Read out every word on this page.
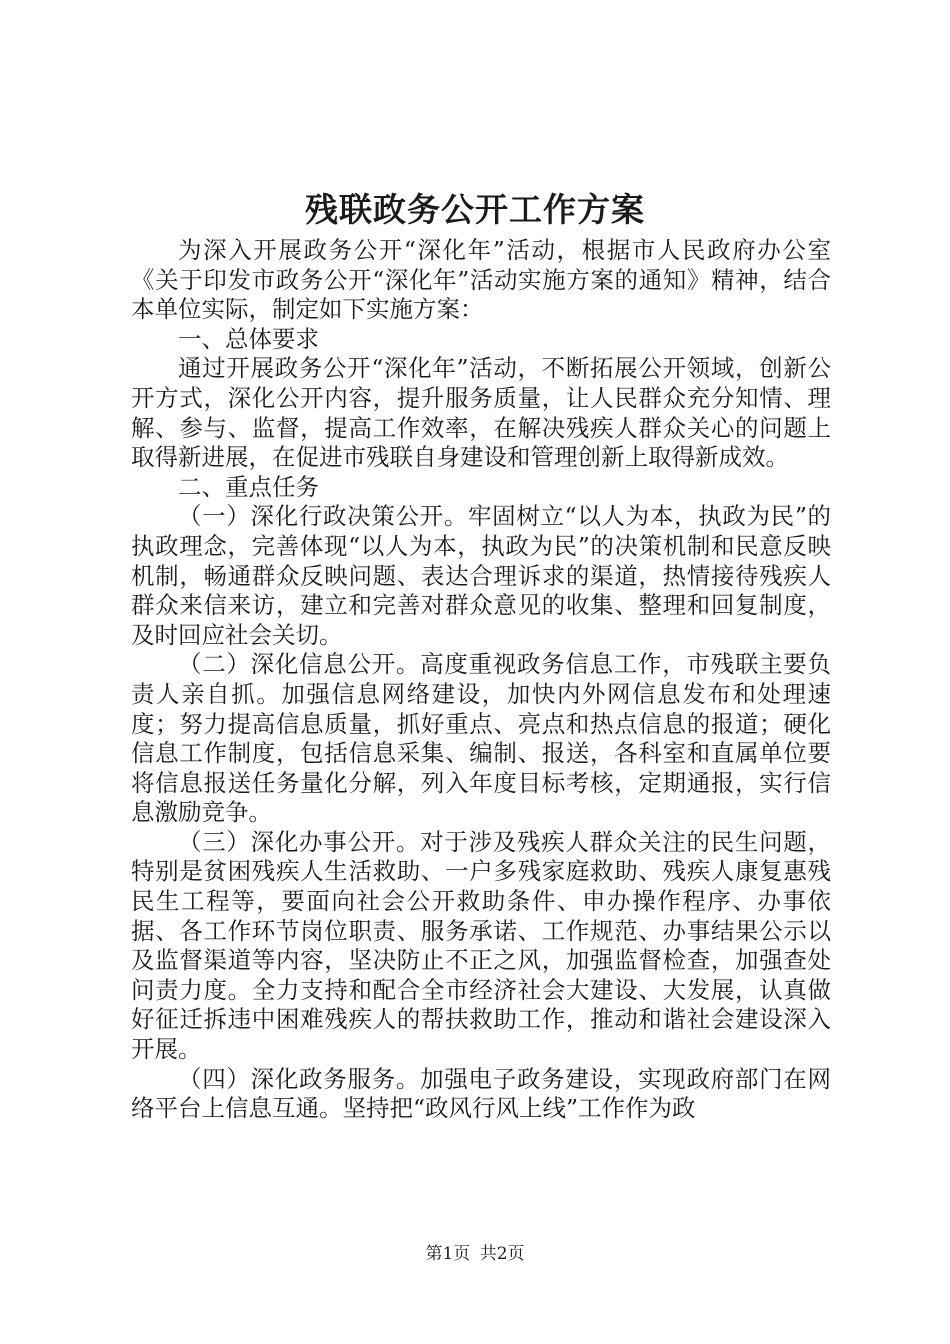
残联政务公开工作方案

为深入开展政务公开“深化年”活动，根据市人民政府办公室《关于印发市政务公开“深化年”活动实施方案的通知》精神，结合本单位实际，制定如下实施方案：

一、总体要求

通过开展政务公开“深化年”活动，不断拓展公开领域，创新公开方式，深化公开内容，提升服务质量，让人民群众充分知情、理解、参与、监督，提高工作效率，在解决残疾人群众关心的问题上取得新进展，在促进市残联自身建设和管理创新上取得新成效。

二、重点任务

（一）深化行政决策公开。牢固树立“以人为本，执政为民”的执政理念，完善体现“以人为本，执政为民”的决策机制和民意反映机制，畅通群众反映问题、表达合理诉求的渠道，热情接待残疾人群众来信来访，建立和完善对群众意见的收集、整理和回复制度，及时回应社会关切。

（二）深化信息公开。高度重视政务信息工作，市残联主要负责人亲自抓。加强信息网络建设，加快内外网信息发布和处理速度；努力提高信息质量，抓好重点、亮点和热点信息的报道；硬化信息工作制度，包括信息采集、编制、报送，各科室和直属单位要将信息报送任务量化分解，列入年度目标考核，定期通报，实行信息激励竞争。

（三）深化办事公开。对于涉及残疾人群众关注的民生问题，特别是贫困残疾人生活救助、一户多残家庭救助、残疾人康复惠残民生工程等，要面向社会公开救助条件、申办操作程序、办事依据、各工作环节岗位职责、服务承诺、工作规范、办事结果公示以及监督渠道等内容，坚决防止不正之风，加强监督检查，加强查处问责力度。全力支持和配合全市经济社会大建设、大发展，认真做好征迁拆违中困难残疾人的帮扶救助工作，推动和谐社会建设深入开展。

（四）深化政务服务。加强电子政务建设，实现政府部门在网络平台上信息互通。坚持把“政风行风上线”工作作为政

第1页 共2页
